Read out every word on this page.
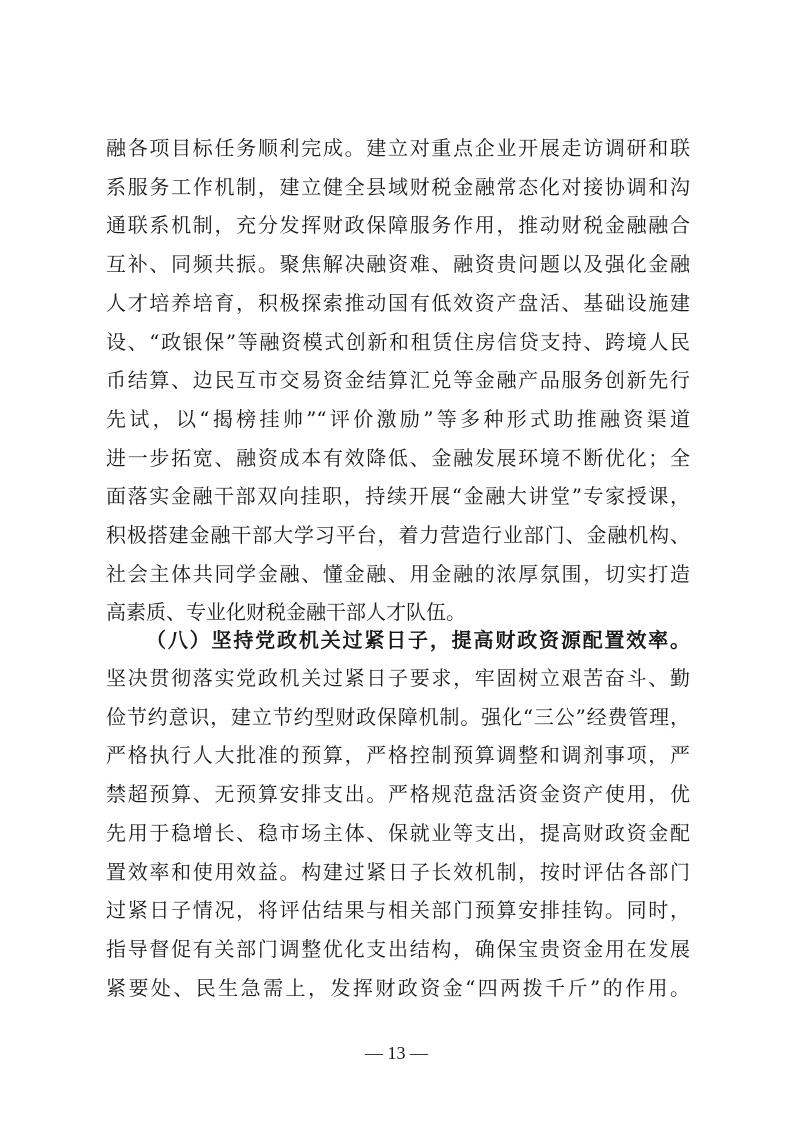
融各项目标任务顺利完成。建立对重点企业开展走访调研和联
系服务工作机制，建立健全县域财税金融常态化对接协调和沟
通联系机制，充分发挥财政保障服务作用，推动财税金融融合
互补、同频共振。聚焦解决融资难、融资贵问题以及强化金融
人才培养培育，积极探索推动国有低效资产盘活、基础设施建
设、“政银保”等融资模式创新和租赁住房信贷支持、跨境人民
币结算、边民互市交易资金结算汇兑等金融产品服务创新先行
先试，以“揭榜挂帅”“评价激励”等多种形式助推融资渠道
进一步拓宽、融资成本有效降低、金融发展环境不断优化；全
面落实金融干部双向挂职，持续开展“金融大讲堂”专家授课，
积极搭建金融干部大学习平台，着力营造行业部门、金融机构、
社会主体共同学金融、懂金融、用金融的浓厚氛围，切实打造
高素质、专业化财税金融干部人才队伍。
（八）坚持党政机关过紧日子，提高财政资源配置效率。
坚决贯彻落实党政机关过紧日子要求，牢固树立艰苦奋斗、勤
俭节约意识，建立节约型财政保障机制。强化“三公”经费管理，
严格执行人大批准的预算，严格控制预算调整和调剂事项，严
禁超预算、无预算安排支出。严格规范盘活资金资产使用，优
先用于稳增长、稳市场主体、保就业等支出，提高财政资金配
置效率和使用效益。构建过紧日子长效机制，按时评估各部门
过紧日子情况，将评估结果与相关部门预算安排挂钩。同时，
指导督促有关部门调整优化支出结构，确保宝贵资金用在发展
紧要处、民生急需上，发挥财政资金“四两拨千斤”的作用。
— 13 —
